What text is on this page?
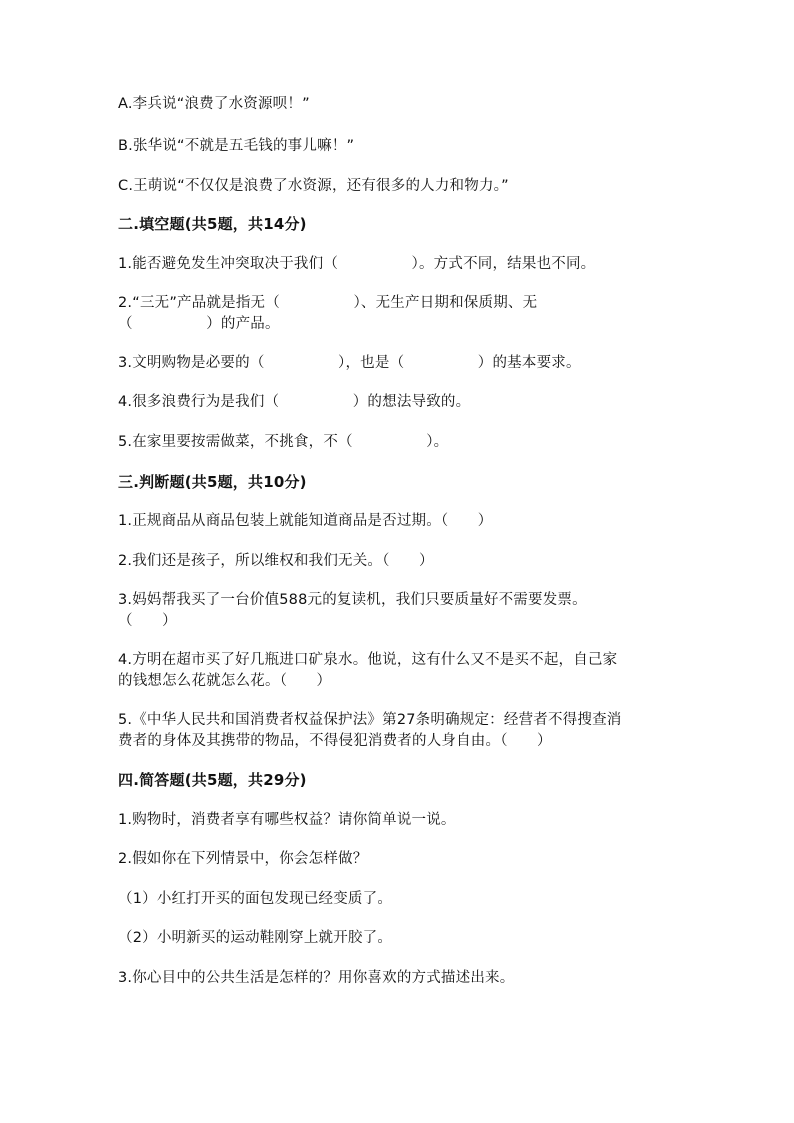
A.李兵说“浪费了水资源呗！”
B.张华说“不就是五毛钱的事儿嘛！”
C.王萌说“不仅仅是浪费了水资源，还有很多的人力和物力。”
二.填空题(共5题，共14分)
1.能否避免发生冲突取决于我们（　　　　　）。方式不同，结果也不同。
2.“三无”产品就是指无（　　　　　）、无生产日期和保质期、无
（　　　　　）的产品。
3.文明购物是必要的（　　　　　），也是（　　　　　）的基本要求。
4.很多浪费行为是我们（　　　　　）的想法导致的。
5.在家里要按需做菜，不挑食，不（　　　　　）。
三.判断题(共5题，共10分)
1.正规商品从商品包装上就能知道商品是否过期。（　　）
2.我们还是孩子，所以维权和我们无关。（　　）
3.妈妈帮我买了一台价值588元的复读机，我们只要质量好不需要发票。
（　　）
4.方明在超市买了好几瓶进口矿泉水。他说，这有什么又不是买不起，自己家
的钱想怎么花就怎么花。（　　）
5.《中华人民共和国消费者权益保护法》第27条明确规定：经营者不得搜查消
费者的身体及其携带的物品，不得侵犯消费者的人身自由。（　　）
四.简答题(共5题，共29分)
1.购物时，消费者享有哪些权益？请你简单说一说。
2.假如你在下列情景中，你会怎样做？
（1）小红打开买的面包发现已经变质了。
（2）小明新买的运动鞋刚穿上就开胶了。
3.你心目中的公共生活是怎样的？用你喜欢的方式描述出来。
